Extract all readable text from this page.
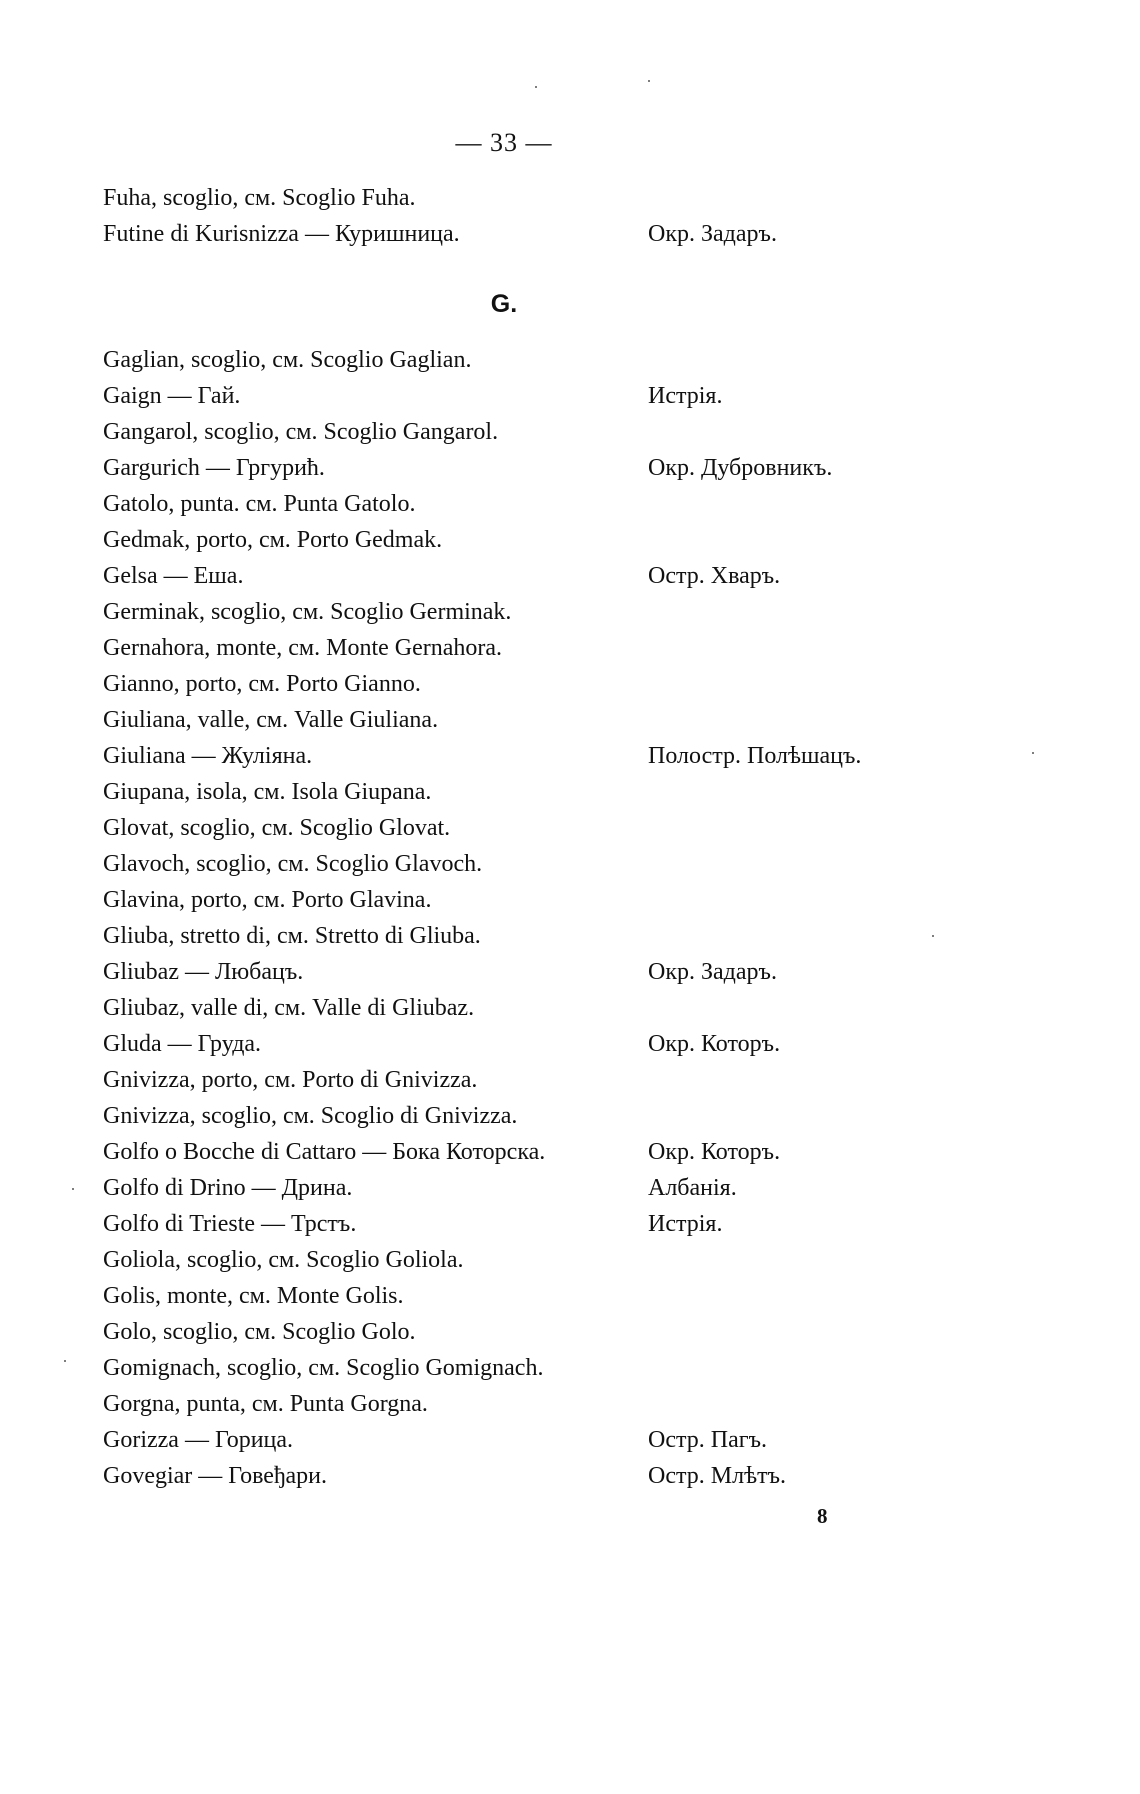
— 33 —
Fuha, scoglio, см. Scoglio Fuha.
Futine di Kurisnizza — Куришница.	Окр. Задаръ.
G.
Gaglian, scoglio, см. Scoglio Gaglian.
Gaign — Гай.	Истрія.
Gangarol, scoglio, см. Scoglio Gangarol.
Gargurich — Гргурић.	Окр. Дубровникъ.
Gatolo, punta. см. Punta Gatolo.
Gedmak, porto, см. Porto Gedmak.
Gelsa — Еша.	Остр. Хваръ.
Germinak, scoglio, см. Scoglio Germinak.
Gernahora, monte, см. Monte Gernahora.
Gianno, porto, см. Porto Gianno.
Giuliana, valle, см. Valle Giuliana.
Giuliana — Жуліяна.	Полостр. Полѣшацъ.
Giupana, isola, см. Isola Giupana.
Glovat, scoglio, см. Scoglio Glovat.
Glavoch, scoglio, см. Scoglio Glavoch.
Glavina, porto, см. Porto Glavina.
Gliuba, stretto di, см. Stretto di Gliuba.
Gliubaz — Любацъ.	Окр. Задаръ.
Gliubaz, valle di, см. Valle di Gliubaz.
Gluda — Груда.	Окр. Которъ.
Gnivizza, porto, см. Porto di Gnivizza.
Gnivizza, scoglio, см. Scoglio di Gnivizza.
Golfo o Bocche di Cattaro — Бока Которска.	Окр. Которъ.
Golfo di Drino — Дрина.	Албанія.
Golfo di Trieste — Трстъ.	Истрія.
Goliola, scoglio, см. Scoglio Goliola.
Golis, monte, см. Monte Golis.
Golo, scoglio, см. Scoglio Golo.
Gomignach, scoglio, см. Scoglio Gomignach.
Gorgna, punta, см. Punta Gorgna.
Gorizza — Горица.	Остр. Пагъ.
Govegiar — Говеђари.	Остр. Млѣтъ.
8
